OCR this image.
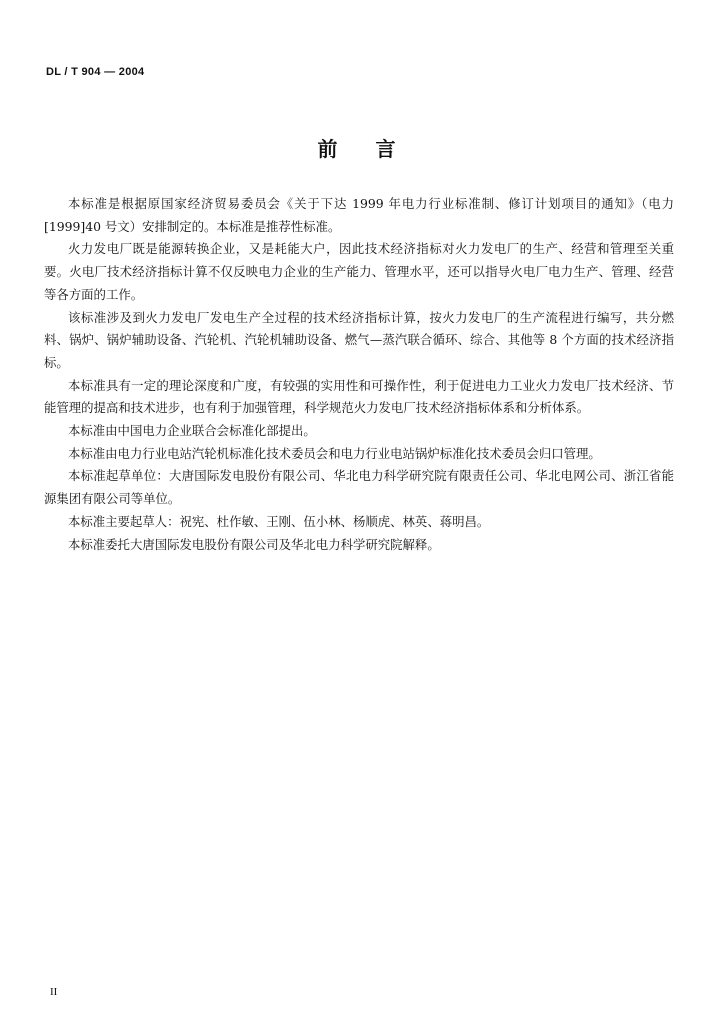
DL / T 904 — 2004
前言

本标准是根据原国家经济贸易委员会《关于下达 1999 年电力行业标准制、修订计划项目的通知》（电力[1999]40 号文）安排制定的。本标准是推荐性标准。

火力发电厂既是能源转换企业，又是耗能大户，因此技术经济指标对火力发电厂的生产、经营和管理至关重要。火电厂技术经济指标计算不仅反映电力企业的生产能力、管理水平，还可以指导火电厂电力生产、管理、经营等各方面的工作。

该标准涉及到火力发电厂发电生产全过程的技术经济指标计算，按火力发电厂的生产流程进行编写，共分燃料、锅炉、锅炉辅助设备、汽轮机、汽轮机辅助设备、燃气—蒸汽联合循环、综合、其他等 8 个方面的技术经济指标。

本标准具有一定的理论深度和广度，有较强的实用性和可操作性，利于促进电力工业火力发电厂技术经济、节能管理的提高和技术进步，也有利于加强管理，科学规范火力发电厂技术经济指标体系和分析体系。

本标准由中国电力企业联合会标准化部提出。

本标准由电力行业电站汽轮机标准化技术委员会和电力行业电站锅炉标准化技术委员会归口管理。

本标准起草单位：大唐国际发电股份有限公司、华北电力科学研究院有限责任公司、华北电网公司、浙江省能源集团有限公司等单位。

本标准主要起草人：祝宪、杜作敏、王刚、伍小林、杨顺虎、林英、蒋明昌。

本标准委托大唐国际发电股份有限公司及华北电力科学研究院解释。

II
